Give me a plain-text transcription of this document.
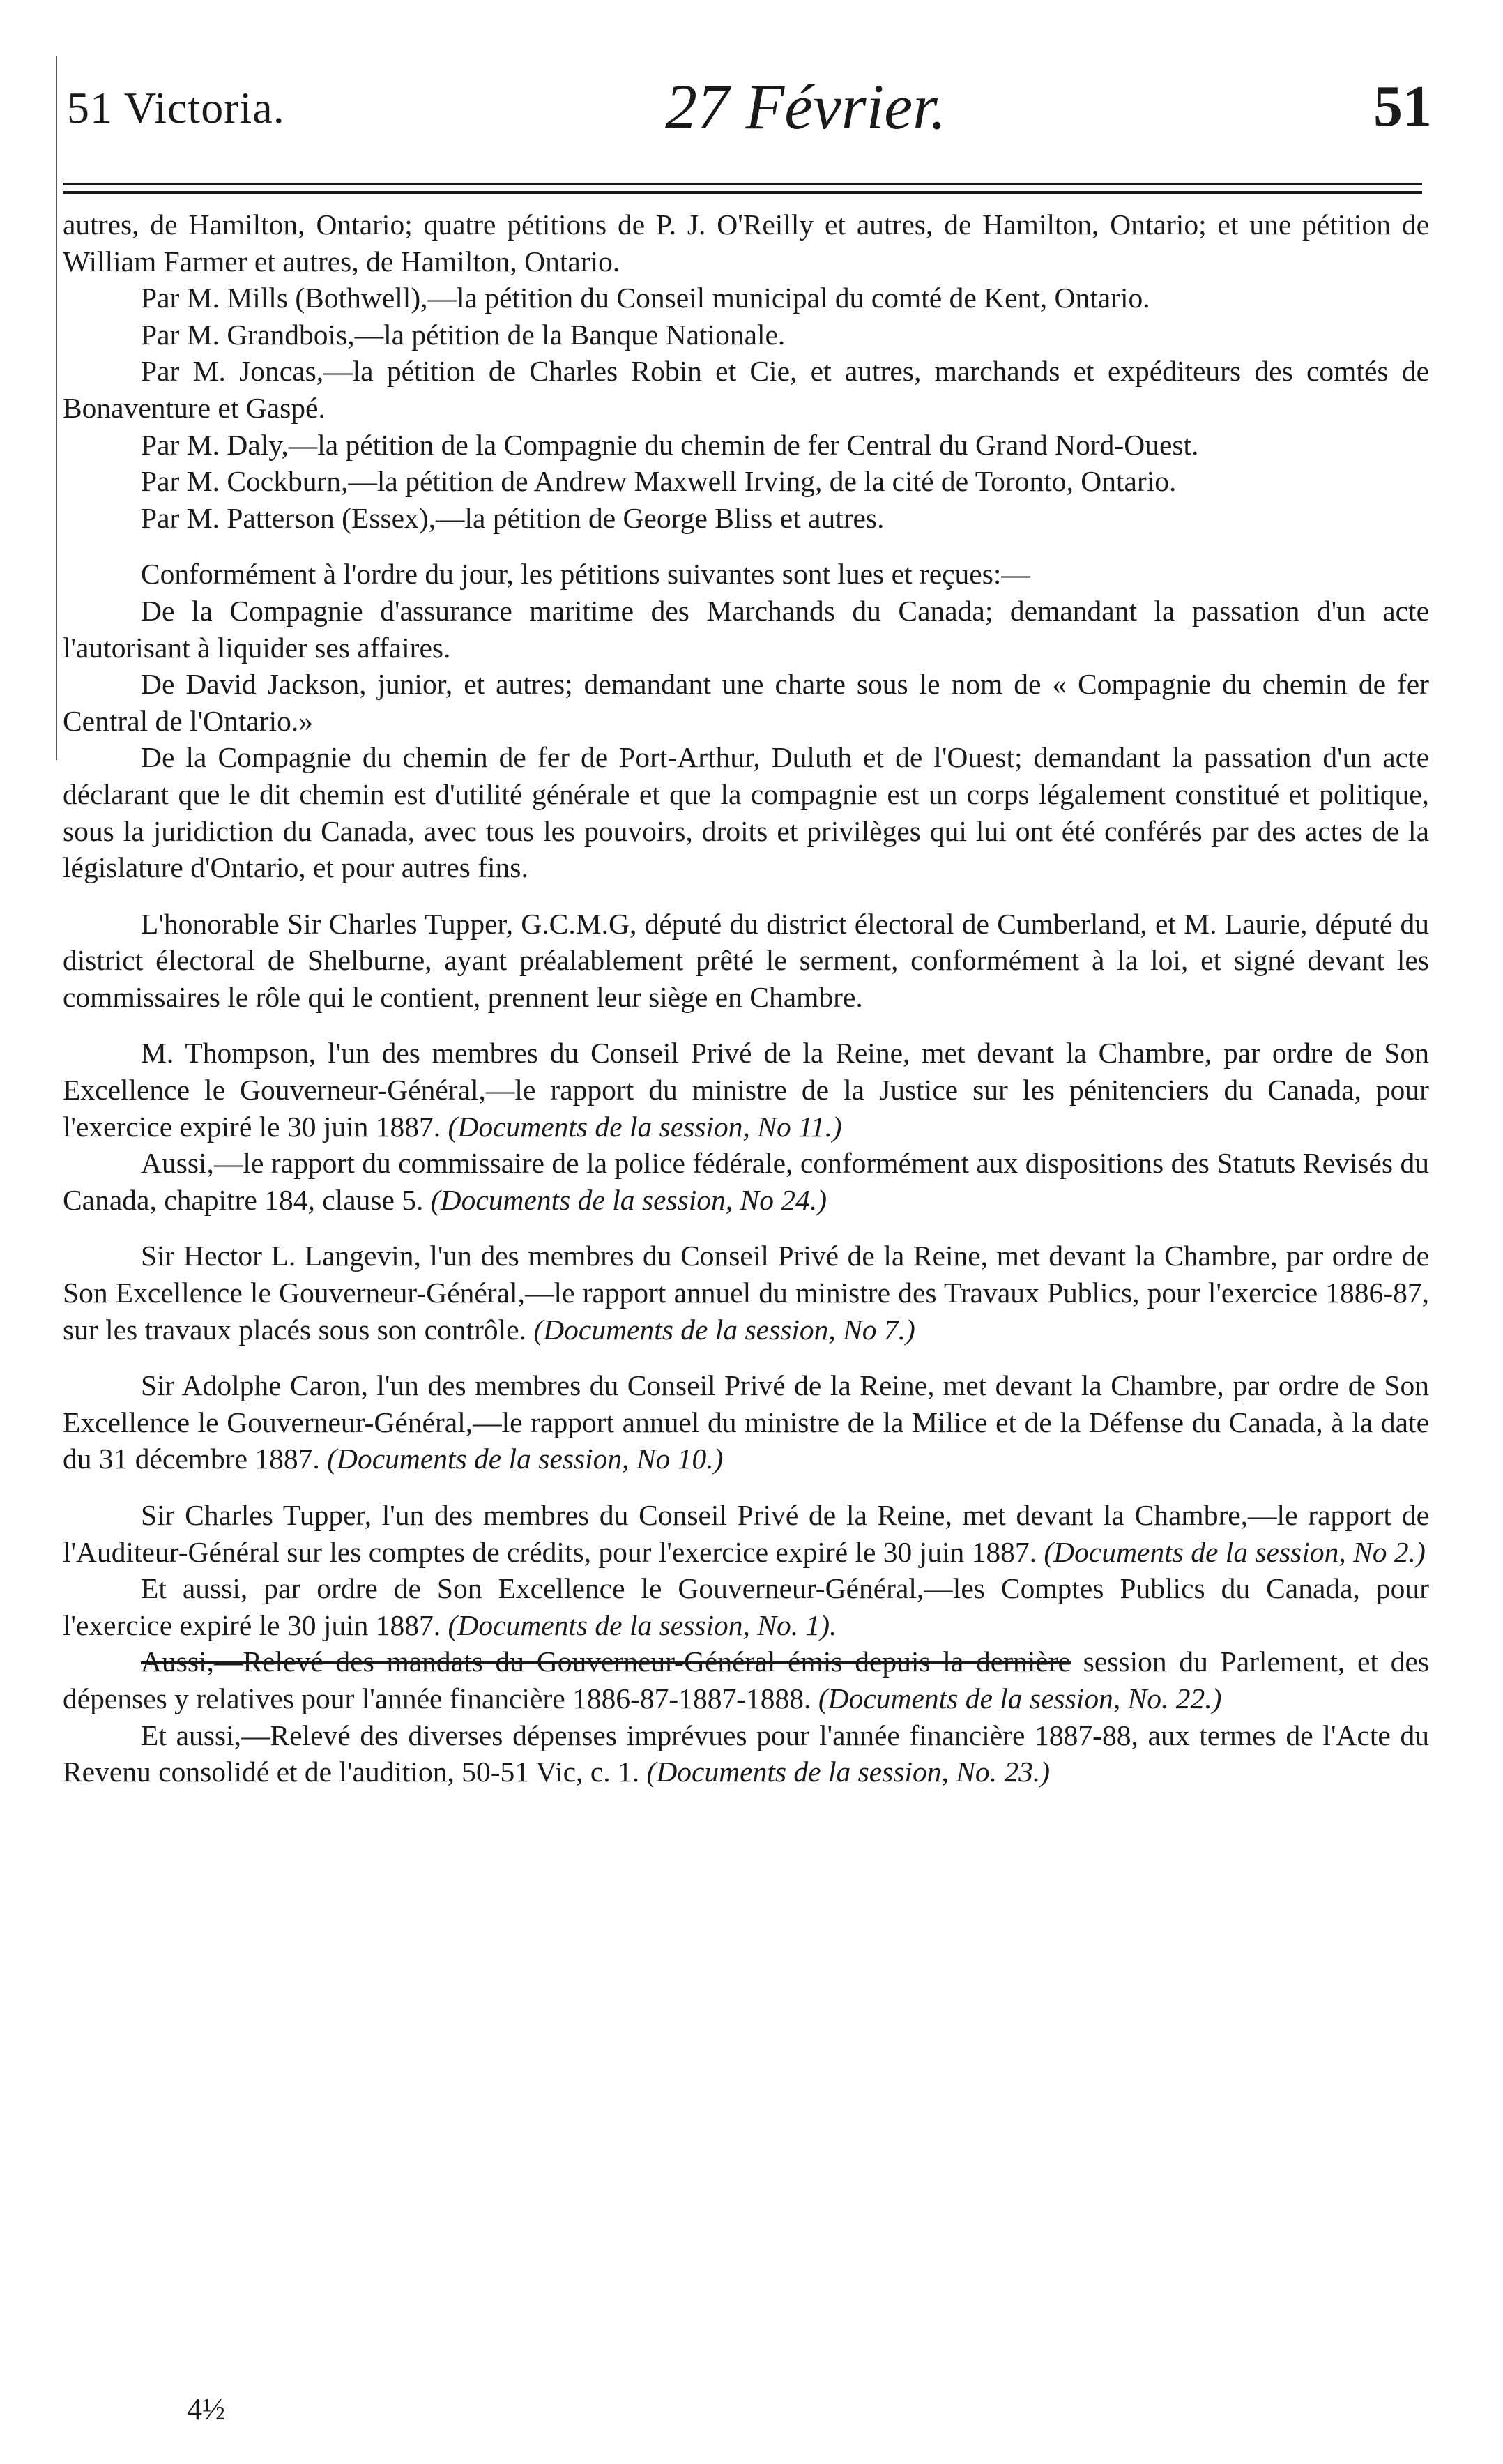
51 Victoria.	27 Février.	51

autres, de Hamilton, Ontario; quatre pétitions de P. J. O'Reilly et autres, de Hamilton, Ontario; et une pétition de William Farmer et autres, de Hamilton, Ontario.

Par M. Mills (Bothwell),—la pétition du Conseil municipal du comté de Kent, Ontario.

Par M. Grandbois,—la pétition de la Banque Nationale.

Par M. Joncas,—la pétition de Charles Robin et Cie, et autres, marchands et expéditeurs des comtés de Bonaventure et Gaspé.

Par M. Daly,—la pétition de la Compagnie du chemin de fer Central du Grand Nord-Ouest.

Par M. Cockburn,—la pétition de Andrew Maxwell Irving, de la cité de Toronto, Ontario.

Par M. Patterson (Essex),—la pétition de George Bliss et autres.

Conformément à l'ordre du jour, les pétitions suivantes sont lues et reçues:—

De la Compagnie d'assurance maritime des Marchands du Canada; demandant la passation d'un acte l'autorisant à liquider ses affaires.

De David Jackson, junior, et autres; demandant une charte sous le nom de « Compagnie du chemin de fer Central de l'Ontario.»

De la Compagnie du chemin de fer de Port-Arthur, Duluth et de l'Ouest; demandant la passation d'un acte déclarant que le dit chemin est d'utilité générale et que la compagnie est un corps légalement constitué et politique, sous la juridiction du Canada, avec tous les pouvoirs, droits et privilèges qui lui ont été conférés par des actes de la législature d'Ontario, et pour autres fins.

L'honorable Sir Charles Tupper, G.C.M.G, député du district électoral de Cumberland, et M. Laurie, député du district électoral de Shelburne, ayant préalablement prêté le serment, conformément à la loi, et signé devant les commissaires le rôle qui le contient, prennent leur siège en Chambre.

M. Thompson, l'un des membres du Conseil Privé de la Reine, met devant la Chambre, par ordre de Son Excellence le Gouverneur-Général,—le rapport du ministre de la Justice sur les pénitenciers du Canada, pour l'exercice expiré le 30 juin 1887. (Documents de la session, No 11.)

Aussi,—le rapport du commissaire de la police fédérale, conformément aux dispositions des Statuts Revisés du Canada, chapitre 184, clause 5. (Documents de la session, No 24.)

Sir Hector L. Langevin, l'un des membres du Conseil Privé de la Reine, met devant la Chambre, par ordre de Son Excellence le Gouverneur-Général,—le rapport annuel du ministre des Travaux Publics, pour l'exercice 1886-87, sur les travaux placés sous son contrôle. (Documents de la session, No 7.)

Sir Adolphe Caron, l'un des membres du Conseil Privé de la Reine, met devant la Chambre, par ordre de Son Excellence le Gouverneur-Général,—le rapport annuel du ministre de la Milice et de la Défense du Canada, à la date du 31 décembre 1887. (Documents de la session, No 10.)

Sir Charles Tupper, l'un des membres du Conseil Privé de la Reine, met devant la Chambre,—le rapport de l'Auditeur-Général sur les comptes de crédits, pour l'exercice expiré le 30 juin 1887. (Documents de la session, No 2.)

Et aussi, par ordre de Son Excellence le Gouverneur-Général,—les Comptes Publics du Canada, pour l'exercice expiré le 30 juin 1887. (Documents de la session, No. 1).

Aussi,—Relevé des mandats du Gouverneur-Général émis depuis la dernière session du Parlement, et des dépenses y relatives pour l'année financière 1886-87-1887-1888. (Documents de la session, No. 22.)

Et aussi,—Relevé des diverses dépenses imprévues pour l'année financière 1887-88, aux termes de l'Acte du Revenu consolidé et de l'audition, 50-51 Vic, c. 1. (Documents de la session, No. 23.)

4½
